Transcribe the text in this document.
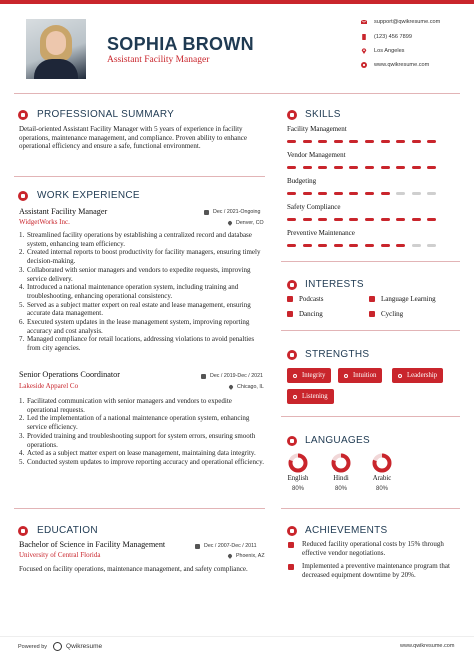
SOPHIA BROWN
Assistant Facility Manager
support@qwikresume.com
(123) 456 7899
Los Angeles
www.qwikresume.com
PROFESSIONAL SUMMARY
Detail-oriented Assistant Facility Manager with 5 years of experience in facility operations, maintenance management, and compliance. Proven ability to enhance operational efficiency and ensure a safe, functional environment.
WORK EXPERIENCE
Assistant Facility Manager	Dec / 2021-Ongoing
WidgetWorks Inc.	Denver, CO
1. Streamlined facility operations by establishing a centralized record and database system, enhancing team efficiency.
2. Created internal reports to boost productivity for facility managers, ensuring timely decision-making.
3. Collaborated with senior managers and vendors to expedite requests, improving service delivery.
4. Introduced a national maintenance operation system, including training and troubleshooting, enhancing operational consistency.
5. Served as a subject matter expert on real estate and lease management, ensuring accurate data management.
6. Executed system updates in the lease management system, improving reporting accuracy and cost analysis.
7. Managed compliance for retail locations, addressing violations to avoid penalties from city agencies.
Senior Operations Coordinator	Dec / 2019-Dec / 2021
Lakeside Apparel Co	Chicago, IL
1. Facilitated communication with senior managers and vendors to expedite operational requests.
2. Led the implementation of a national maintenance operation system, enhancing service efficiency.
3. Provided training and troubleshooting support for system errors, ensuring smooth operations.
4. Acted as a subject matter expert on lease management, maintaining data integrity.
5. Conducted system updates to improve reporting accuracy and operational efficiency.
EDUCATION
Bachelor of Science in Facility Management	Dec / 2007-Dec / 2011
University of Central Florida	Phoenix, AZ
Focused on facility operations, maintenance management, and safety compliance.
SKILLS
Facility Management
Vendor Management
Budgeting
Safety Compliance
Preventive Maintenance
INTERESTS
Podcasts	Language Learning
Dancing	Cycling
STRENGTHS
Integrity	Intuition	Leadership
Listening
LANGUAGES
English
80%
Hindi
80%
Arabic
80%
ACHIEVEMENTS
Reduced facility operational costs by 15% through effective vendor negotiations.
Implemented a preventive maintenance program that decreased equipment downtime by 20%.
Powered by	Qwikresume	www.qwikresume.com
